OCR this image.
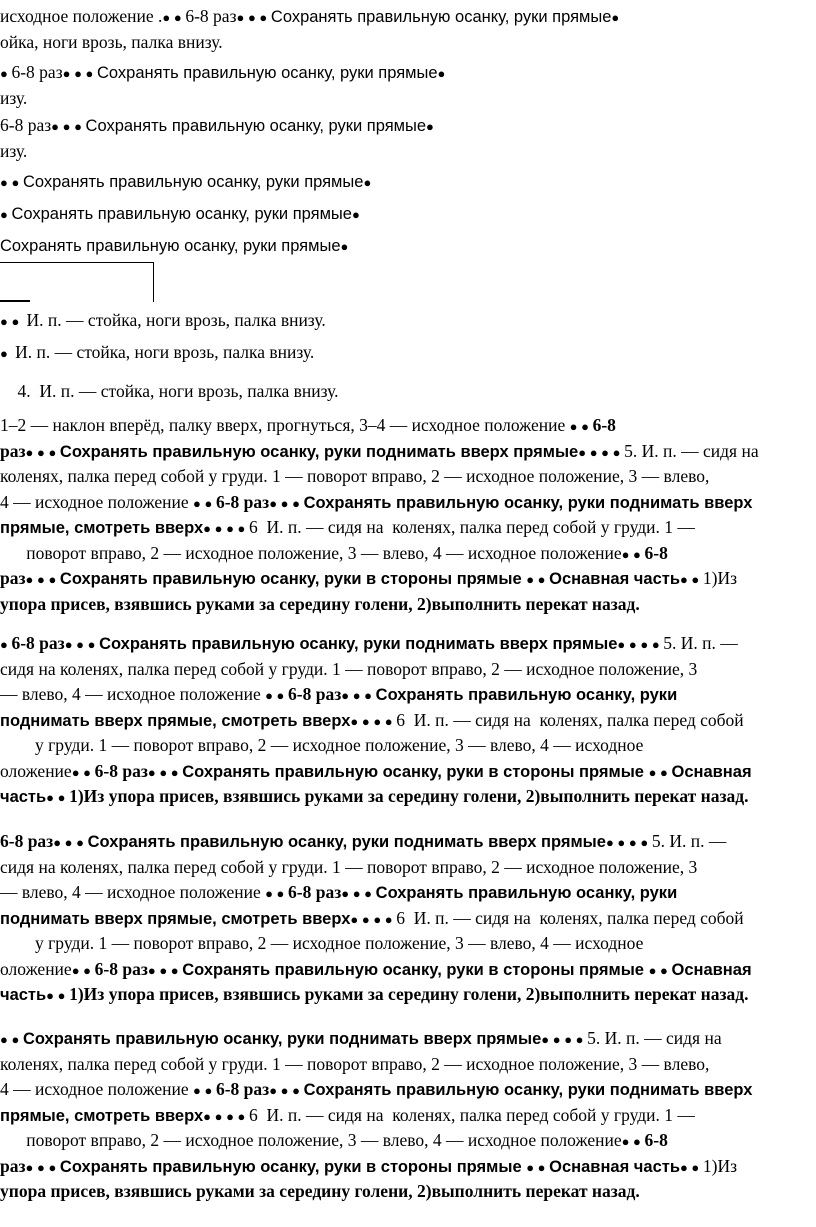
исходное положение .● ● 6-8 раз● ● ● Сохранять правильную осанку, руки прямые●
ойка, ноги врозь, палка внизу.
● 6-8 раз● ● ● Сохранять правильную осанку, руки прямые●
изу.
6-8 раз● ● ● Сохранять правильную осанку, руки прямые●
изу.
● ● Сохранять правильную осанку, руки прямые●
● Сохранять правильную осанку, руки прямые●
Сохранять правильную осанку, руки прямые●
● ●  И. п. — стойка, ноги врозь, палка внизу.
●  И. п. — стойка, ноги врозь, палка внизу.
4.  И. п. — стойка, ноги врозь, палка внизу.
1–2 — наклон вперёд, палку вверх, прогнуться, 3–4 — исходное положение ● ● 6-8
раз● ● ● Сохранять правильную осанку, руки поднимать вверх прямые● ● ● ● 5. И. п. — сидя на
коленях, палка перед собой у груди. 1 — поворот вправо, 2 — исходное положение, 3 — влево,
4 — исходное положение ● ● 6-8 раз● ● ● Сохранять правильную осанку, руки поднимать вверх
прямые, смотреть вверх● ● ● ● 6  И. п. — сидя на  коленях, палка перед собой у груди. 1 —
поворот вправо, 2 — исходное положение, 3 — влево, 4 — исходное положение● ● 6-8
раз● ● ● Сохранять правильную осанку, руки в стороны прямые ● ● Оснавная часть● ● 1)Из
упора присев, взявшись руками за середину голени, 2)выполнить перекат назад.
● 6-8 раз● ● ● Сохранять правильную осанку, руки поднимать вверх прямые● ● ● ● 5. И. п. —
сидя на коленях, палка перед собой у груди. 1 — поворот вправо, 2 — исходное положение, 3
— влево, 4 — исходное положение ● ● 6-8 раз● ● ● Сохранять правильную осанку, руки
поднимать вверх прямые, смотреть вверх● ● ● ● 6  И. п. — сидя на  коленях, палка перед собой
у груди. 1 — поворот вправо, 2 — исходное положение, 3 — влево, 4 — исходное
оложение● ● 6-8 раз● ● ● Сохранять правильную осанку, руки в стороны прямые ● ● Оснавная
часть● ● 1)Из упора присев, взявшись руками за середину голени, 2)выполнить перекат назад.
6-8 раз● ● ● Сохранять правильную осанку, руки поднимать вверх прямые● ● ● ● 5. И. п. —
сидя на коленях, палка перед собой у груди. 1 — поворот вправо, 2 — исходное положение, 3
— влево, 4 — исходное положение ● ● 6-8 раз● ● ● Сохранять правильную осанку, руки
поднимать вверх прямые, смотреть вверх● ● ● ● 6  И. п. — сидя на  коленях, палка перед собой
у груди. 1 — поворот вправо, 2 — исходное положение, 3 — влево, 4 — исходное
оложение● ● 6-8 раз● ● ● Сохранять правильную осанку, руки в стороны прямые ● ● Оснавная
часть● ● 1)Из упора присев, взявшись руками за середину голени, 2)выполнить перекат назад.
● ● Сохранять правильную осанку, руки поднимать вверх прямые● ● ● ● 5. И. п. — сидя на
коленях, палка перед собой у груди. 1 — поворот вправо, 2 — исходное положение, 3 — влево,
4 — исходное положение ● ● 6-8 раз● ● ● Сохранять правильную осанку, руки поднимать вверх
прямые, смотреть вверх● ● ● ● 6  И. п. — сидя на  коленях, палка перед собой у груди. 1 —
поворот вправо, 2 — исходное положение, 3 — влево, 4 — исходное положение● ● 6-8
раз● ● ● Сохранять правильную осанку, руки в стороны прямые ● ● Оснавная часть● ● 1)Из
упора присев, взявшись руками за середину голени, 2)выполнить перекат назад.
